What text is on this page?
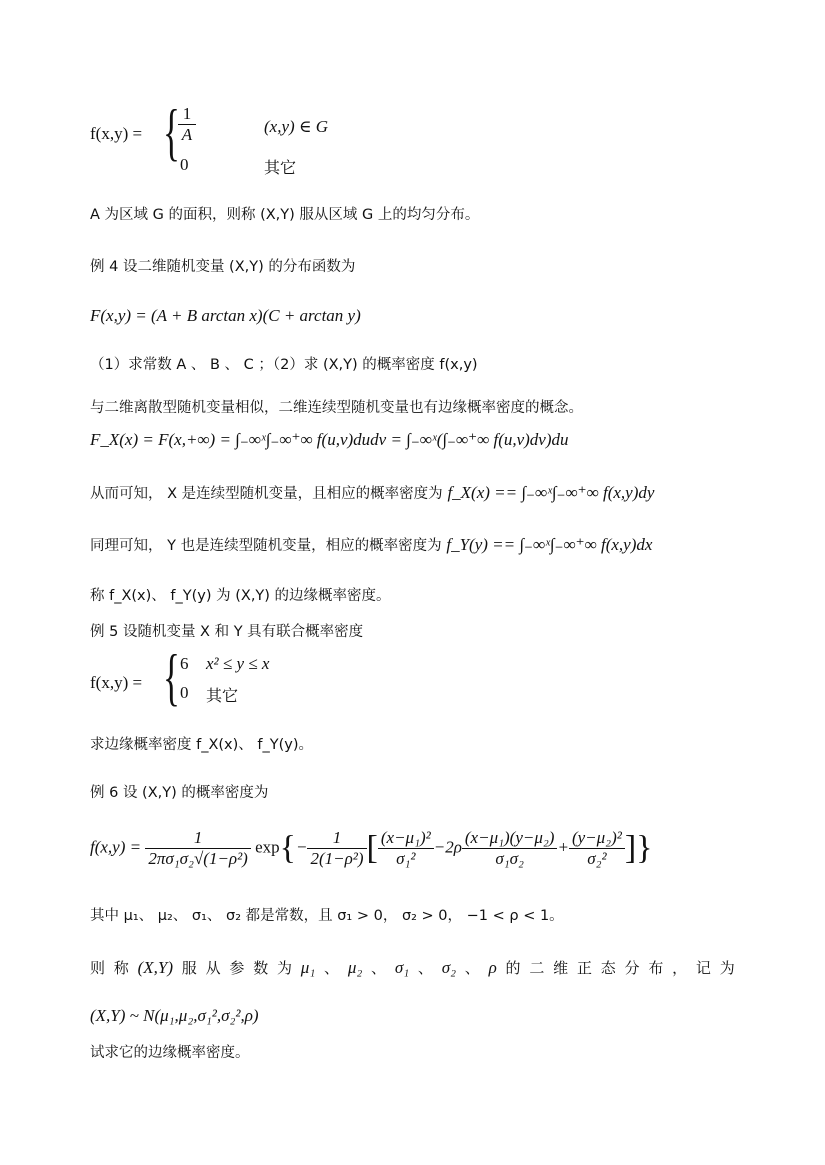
f(x,y) = {
$\frac{1}{A}$	(x,y) ∈ G
0	其它
A 为区域 G 的面积，则称 (X,Y) 服从区域 G 上的均匀分布。
例 4 设二维随机变量 (X,Y) 的分布函数为
F(x,y) = (A + B arctan x)(C + arctan y)
（1）求常数 A 、 B 、 C ；（2）求 (X,Y) 的概率密度 f(x,y)
与二维离散型随机变量相似，二维连续型随机变量也有边缘概率密度的概念。
F_X(x) = F(x,+∞) = ∫₋∞ˣ∫₋∞⁺∞ f(u,v)dudv = ∫₋∞ˣ(∫₋∞⁺∞ f(u,v)dv)du
从而可知， X 是连续型随机变量，且相应的概率密度为 f_X(x) == ∫₋∞ˣ∫₋∞⁺∞ f(x,y)dy
同理可知， Y 也是连续型随机变量，相应的概率密度为 f_Y(y) == ∫₋∞ˣ∫₋∞⁺∞ f(x,y)dx
称 f_X(x)、 f_Y(y) 为 (X,Y) 的边缘概率密度。
例 5 设随机变量 X 和 Y 具有联合概率密度
f(x,y) = { 6 x² ≤ y ≤ x
0 其它
求边缘概率密度 f_X(x)、 f_Y(y)。
例 6 设 (X,Y) 的概率密度为
$f(x,y) = \frac{1}{\text{2πσ₁σ₂√(1−ρ²)}} \exp\{- \frac{1}{\text{2(1−ρ²)}}$ [ $\frac{\text{(x−μ₁)²}}{\text{σ₁²}} -2\rho \frac{\text{(x−μ₁)(y−μ₂)}}{\text{σ₁σ₂}} + \frac{\text{(y−μ₂)²}}{\text{σ₂²}}$ ]}
其中 μ₁、 μ₂、 σ₁、 σ₂ 都是常数，且 σ₁ > 0， σ₂ > 0， −1 < ρ < 1。
则 称 (X,Y) 服 从 参 数 为 μ₁ 、 μ₂ 、 σ₁ 、 σ₂ 、 ρ 的 二 维 正 态 分 布 ， 记 为
(X,Y) ~ N(μ₁,μ₂,σ₁²,σ₂²,ρ)
试求它的边缘概率密度。
